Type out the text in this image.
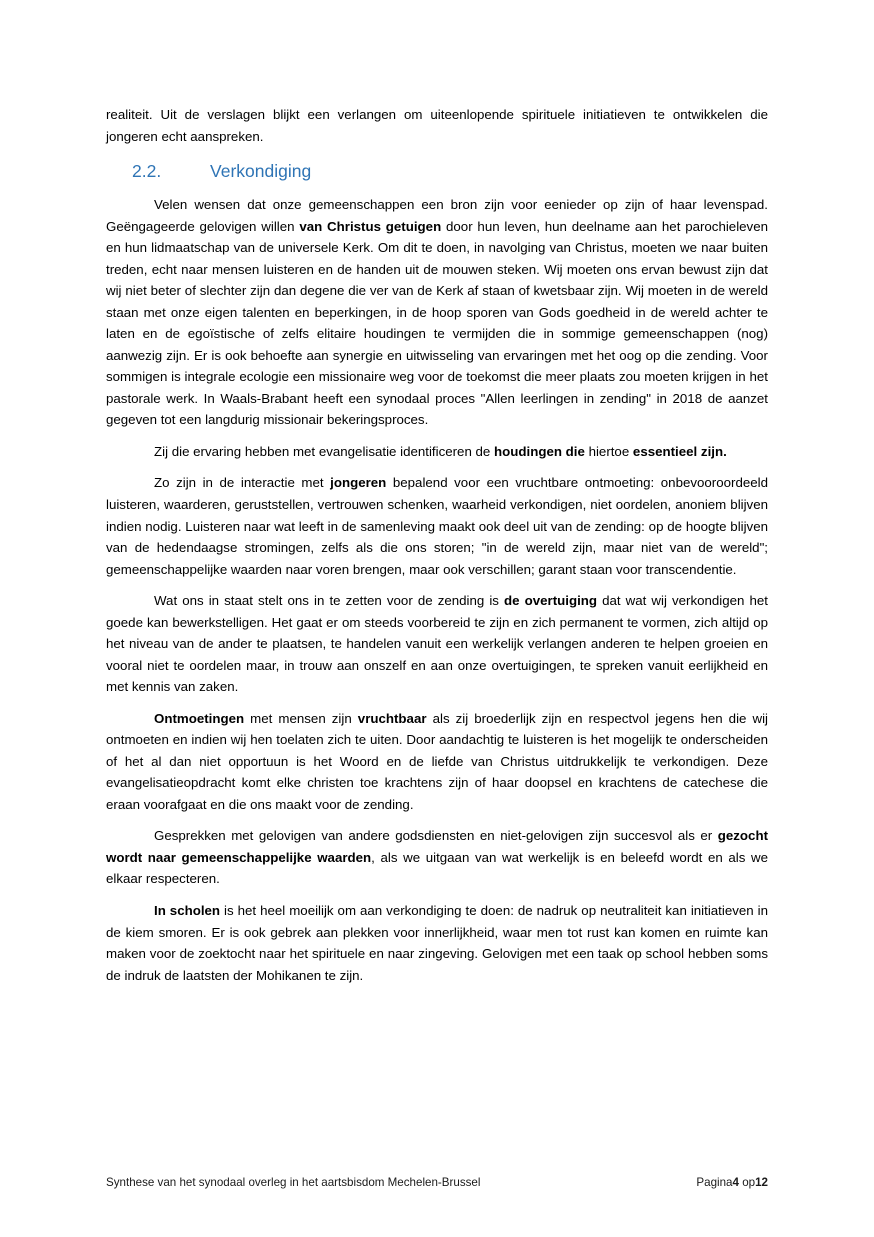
realiteit. Uit de verslagen blijkt een verlangen om uiteenlopende spirituele initiatieven te ontwikkelen die jongeren echt aanspreken.

2.2.	Verkondiging

Velen wensen dat onze gemeenschappen een bron zijn voor eenieder op zijn of haar levenspad. Geëngageerde gelovigen willen van Christus getuigen door hun leven, hun deelname aan het parochieleven en hun lidmaatschap van de universele Kerk. Om dit te doen, in navolging van Christus, moeten we naar buiten treden, echt naar mensen luisteren en de handen uit de mouwen steken. Wij moeten ons ervan bewust zijn dat wij niet beter of slechter zijn dan degene die ver van de Kerk af staan of kwetsbaar zijn. Wij moeten in de wereld staan met onze eigen talenten en beperkingen, in de hoop sporen van Gods goedheid in de wereld achter te laten en de egoïstische of zelfs elitaire houdingen te vermijden die in sommige gemeenschappen (nog) aanwezig zijn. Er is ook behoefte aan synergie en uitwisseling van ervaringen met het oog op die zending. Voor sommigen is integrale ecologie een missionaire weg voor de toekomst die meer plaats zou moeten krijgen in het pastorale werk. In Waals-Brabant heeft een synodaal proces "Allen leerlingen in zending" in 2018 de aanzet gegeven tot een langdurig missionair bekeringsproces.

Zij die ervaring hebben met evangelisatie identificeren de houdingen die hiertoe essentieel zijn.

Zo zijn in de interactie met jongeren bepalend voor een vruchtbare ontmoeting: onbevooroordeeld luisteren, waarderen, geruststellen, vertrouwen schenken, waarheid verkondigen, niet oordelen, anoniem blijven indien nodig. Luisteren naar wat leeft in de samenleving maakt ook deel uit van de zending: op de hoogte blijven van de hedendaagse stromingen, zelfs als die ons storen; "in de wereld zijn, maar niet van de wereld"; gemeenschappelijke waarden naar voren brengen, maar ook verschillen; garant staan voor transcendentie.

Wat ons in staat stelt ons in te zetten voor de zending is de overtuiging dat wat wij verkondigen het goede kan bewerkstelligen. Het gaat er om steeds voorbereid te zijn en zich permanent te vormen, zich altijd op het niveau van de ander te plaatsen, te handelen vanuit een werkelijk verlangen anderen te helpen groeien en vooral niet te oordelen maar, in trouw aan onszelf en aan onze overtuigingen, te spreken vanuit eerlijkheid en met kennis van zaken.

Ontmoetingen met mensen zijn vruchtbaar als zij broederlijk zijn en respectvol jegens hen die wij ontmoeten en indien wij hen toelaten zich te uiten. Door aandachtig te luisteren is het mogelijk te onderscheiden of het al dan niet opportuun is het Woord en de liefde van Christus uitdrukkelijk te verkondigen. Deze evangelisatieopdracht komt elke christen toe krachtens zijn of haar doopsel en krachtens de catechese die eraan voorafgaat en die ons maakt voor de zending.

Gesprekken met gelovigen van andere godsdiensten en niet-gelovigen zijn succesvol als er gezocht wordt naar gemeenschappelijke waarden, als we uitgaan van wat werkelijk is en beleefd wordt en als we elkaar respecteren.

In scholen is het heel moeilijk om aan verkondiging te doen: de nadruk op neutraliteit kan initiatieven in de kiem smoren. Er is ook gebrek aan plekken voor innerlijkheid, waar men tot rust kan komen en ruimte kan maken voor de zoektocht naar het spirituele en naar zingeving. Gelovigen met een taak op school hebben soms de indruk de laatsten der Mohikanen te zijn.

Synthese van het synodaal overleg in het aartsbisdom Mechelen-Brussel	Pagina4 op12
